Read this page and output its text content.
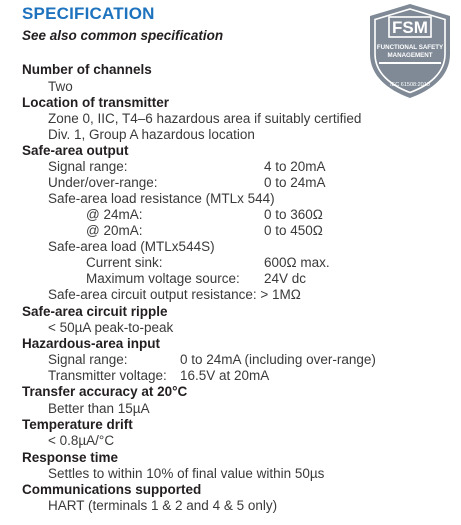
SPECIFICATION
See also common specification	FSM
FUNCTIONAL SAFETY
MANAGEMENT
IEC 61508:2010
Number of channels
Two
Location of transmitter
Zone 0, IIC, T4–6 hazardous area if suitably certified
Div. 1, Group A hazardous location
Safe-area output
Signal range:	4 to 20mA
Under/over-range:	0 to 24mA
Safe-area load resistance (MTLx 544)
@ 24mA:	0 to 360Ω
@ 20mA:	0 to 450Ω
Safe-area load (MTLx544S)
Current sink:	600Ω max.
Maximum voltage source: 24V dc
Safe-area circuit output resistance: > 1MΩ
Safe-area circuit ripple
< 50µA peak-to-peak
Hazardous-area input
Signal range:	0 to 24mA (including over-range)
Transmitter voltage: 16.5V at 20mA
Transfer accuracy at 20°C
Better than 15µA
Temperature drift
< 0.8µA/°C
Response time
Settles to within 10% of final value within 50µs
Communications supported
HART (terminals 1 & 2 and 4 & 5 only)
